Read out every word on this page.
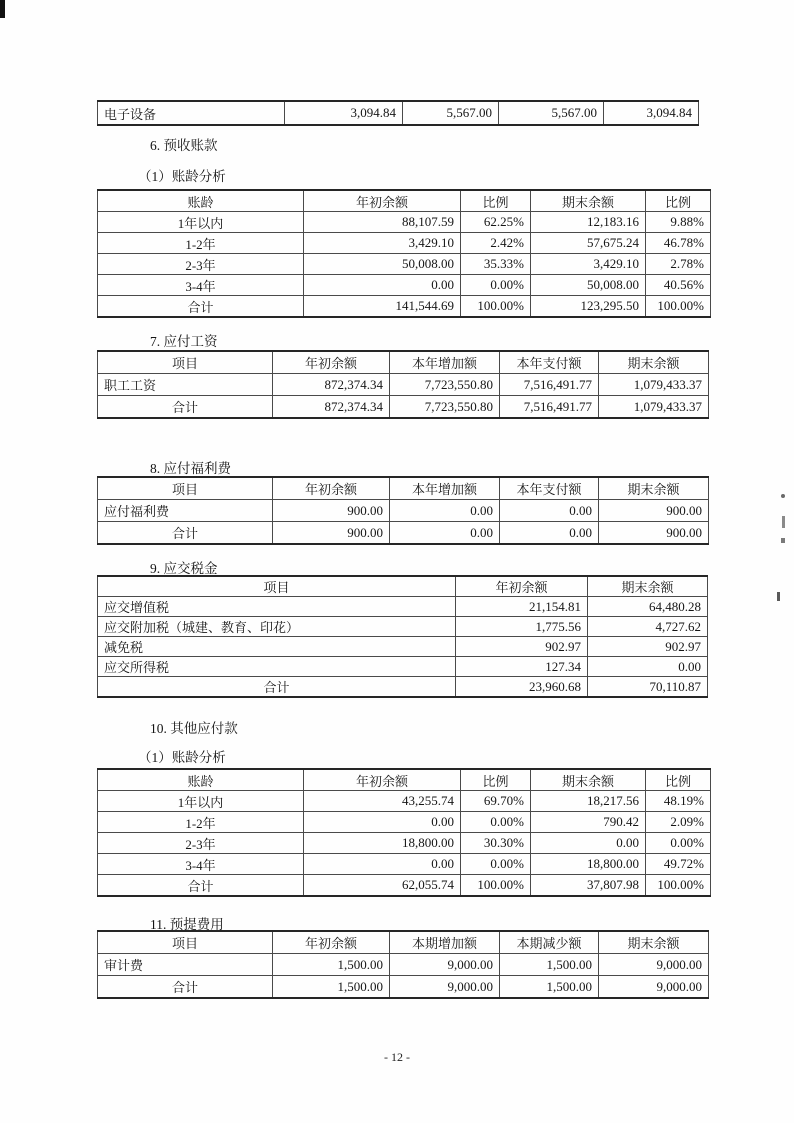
电子设备	3,094.84	5,567.00	5,567.00	3,094.84
6. 预收账款
（1）账龄分析
账龄	年初余额	比例	期末余额	比例
1年以内	88,107.59	62.25%	12,183.16	9.88%
1-2年	3,429.10	2.42%	57,675.24	46.78%
2-3年	50,008.00	35.33%	3,429.10	2.78%
3-4年	0.00	0.00%	50,008.00	40.56%
合计	141,544.69	100.00%	123,295.50	100.00%
7. 应付工资
项目	年初余额	本年增加额	本年支付额	期末余额
职工工资	872,374.34	7,723,550.80	7,516,491.77	1,079,433.37
合计	872,374.34	7,723,550.80	7,516,491.77	1,079,433.37
8. 应付福利费
项目	年初余额	本年增加额	本年支付额	期末余额
应付福利费	900.00	0.00	0.00	900.00
合计	900.00	0.00	0.00	900.00
9. 应交税金
项目	年初余额	期末余额
应交增值税	21,154.81	64,480.28
应交附加税（城建、教育、印花）	1,775.56	4,727.62
减免税	902.97	902.97
应交所得税	127.34	0.00
合计	23,960.68	70,110.87
10. 其他应付款
（1）账龄分析
账龄	年初余额	比例	期末余额	比例
1年以内	43,255.74	69.70%	18,217.56	48.19%
1-2年	0.00	0.00%	790.42	2.09%
2-3年	18,800.00	30.30%	0.00	0.00%
3-4年	0.00	0.00%	18,800.00	49.72%
合计	62,055.74	100.00%	37,807.98	100.00%
11. 预提费用
项目	年初余额	本期增加额	本期减少额	期末余额
审计费	1,500.00	9,000.00	1,500.00	9,000.00
合计	1,500.00	9,000.00	1,500.00	9,000.00
- 12 -
